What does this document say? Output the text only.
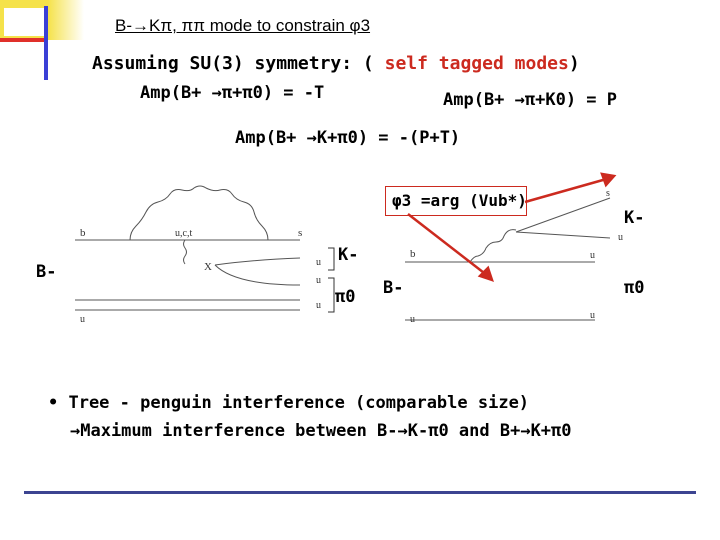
B-→Kπ, ππ mode to constrain φ3
Assuming SU(3) symmetry: ( self tagged modes)
Amp(B+ →π+π0) = -T	Amp(B+ →π+K0) = P
Amp(B+ →K+π0) = -(P+T)
φ3 =arg (Vub*)
b	u,c,t	s
X	u
u
u
u
b
s
u
u
u
u
B-
K-
π0 B-
K-
π0
• Tree - penguin interference (comparable size)
→Maximum interference between B-→K-π0 and B+→K+π0
